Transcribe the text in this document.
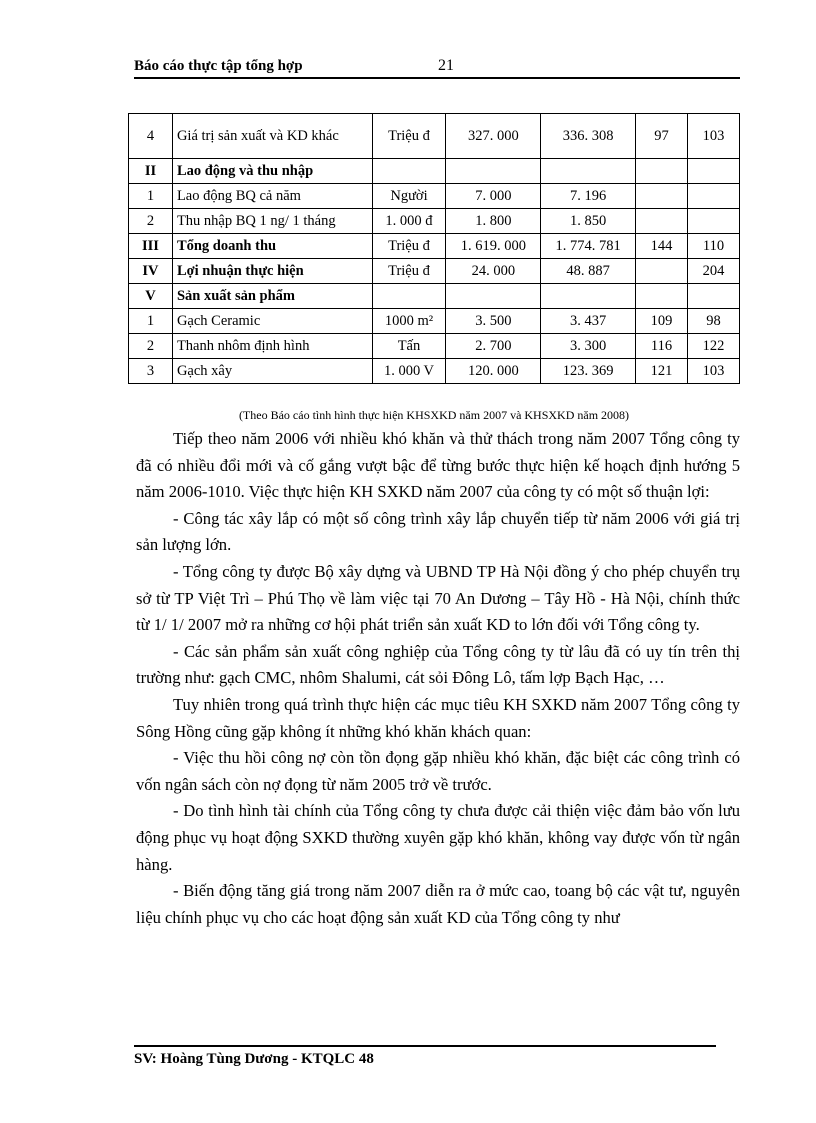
Báo cáo thực tập tổng hợp	21
4	Giá trị sản xuất và KD khác	Triệu đ	327. 000	336. 308	97	103
II	Lao động và thu nhập					
1	Lao động BQ cả năm	Người	7. 000	7. 196		
2	Thu nhập BQ 1 ng/ 1 tháng	1. 000 đ	1. 800	1. 850		
III	Tổng doanh thu	Triệu đ	1. 619. 000	1. 774. 781	144	110
IV	Lợi nhuận thực hiện	Triệu đ	24. 000	48. 887		204
V	Sản xuất sản phẩm					
1	Gạch Ceramic	1000 m²	3. 500	3. 437	109	98
2	Thanh nhôm định hình	Tấn	2. 700	3. 300	116	122
3	Gạch xây	1. 000 V	120. 000	123. 369	121	103
(Theo Báo cáo tình hình thực hiện KHSXKD năm 2007 và KHSXKD năm 2008)

Tiếp theo năm 2006 với nhiều khó khăn và thử thách trong năm 2007 Tổng công ty đã có nhiều đổi mới và cố gắng vượt bậc để từng bước thực hiện kế hoạch định hướng 5 năm 2006-1010. Việc thực hiện KH SXKD năm 2007 của công ty có một số thuận lợi:

- Công tác xây lắp có một số công trình xây lắp chuyển tiếp từ năm 2006 với giá trị sản lượng lớn.

- Tổng công ty được Bộ xây dựng và UBND TP Hà Nội đồng ý cho phép chuyển trụ sở từ TP Việt Trì – Phú Thọ về làm việc tại 70 An Dương – Tây Hồ - Hà Nội, chính thức từ 1/ 1/ 2007 mở ra những cơ hội phát triển sản xuất KD to lớn đối với Tổng công ty.

- Các sản phẩm sản xuất công nghiệp của Tổng công ty từ lâu đã có uy tín trên thị trường như: gạch CMC, nhôm Shalumi, cát sỏi Đông Lô, tấm lợp Bạch Hạc, …

Tuy nhiên trong quá trình thực hiện các mục tiêu KH SXKD năm 2007 Tổng công ty Sông Hồng cũng gặp không ít những khó khăn khách quan:

- Việc thu hồi công nợ còn tồn đọng gặp nhiều khó khăn, đặc biệt các công trình có vốn ngân sách còn nợ đọng từ năm 2005 trở về trước.

- Do tình hình tài chính của Tổng công ty chưa được cải thiện việc đảm bảo vốn lưu động phục vụ hoạt động SXKD thường xuyên gặp khó khăn, không vay được vốn từ ngân hàng.

- Biến động tăng giá trong năm 2007 diễn ra ở mức cao, toang bộ các vật tư, nguyên liệu chính phục vụ cho các hoạt động sản xuất KD của Tổng công ty như

SV: Hoàng Tùng Dương - KTQLC 48
